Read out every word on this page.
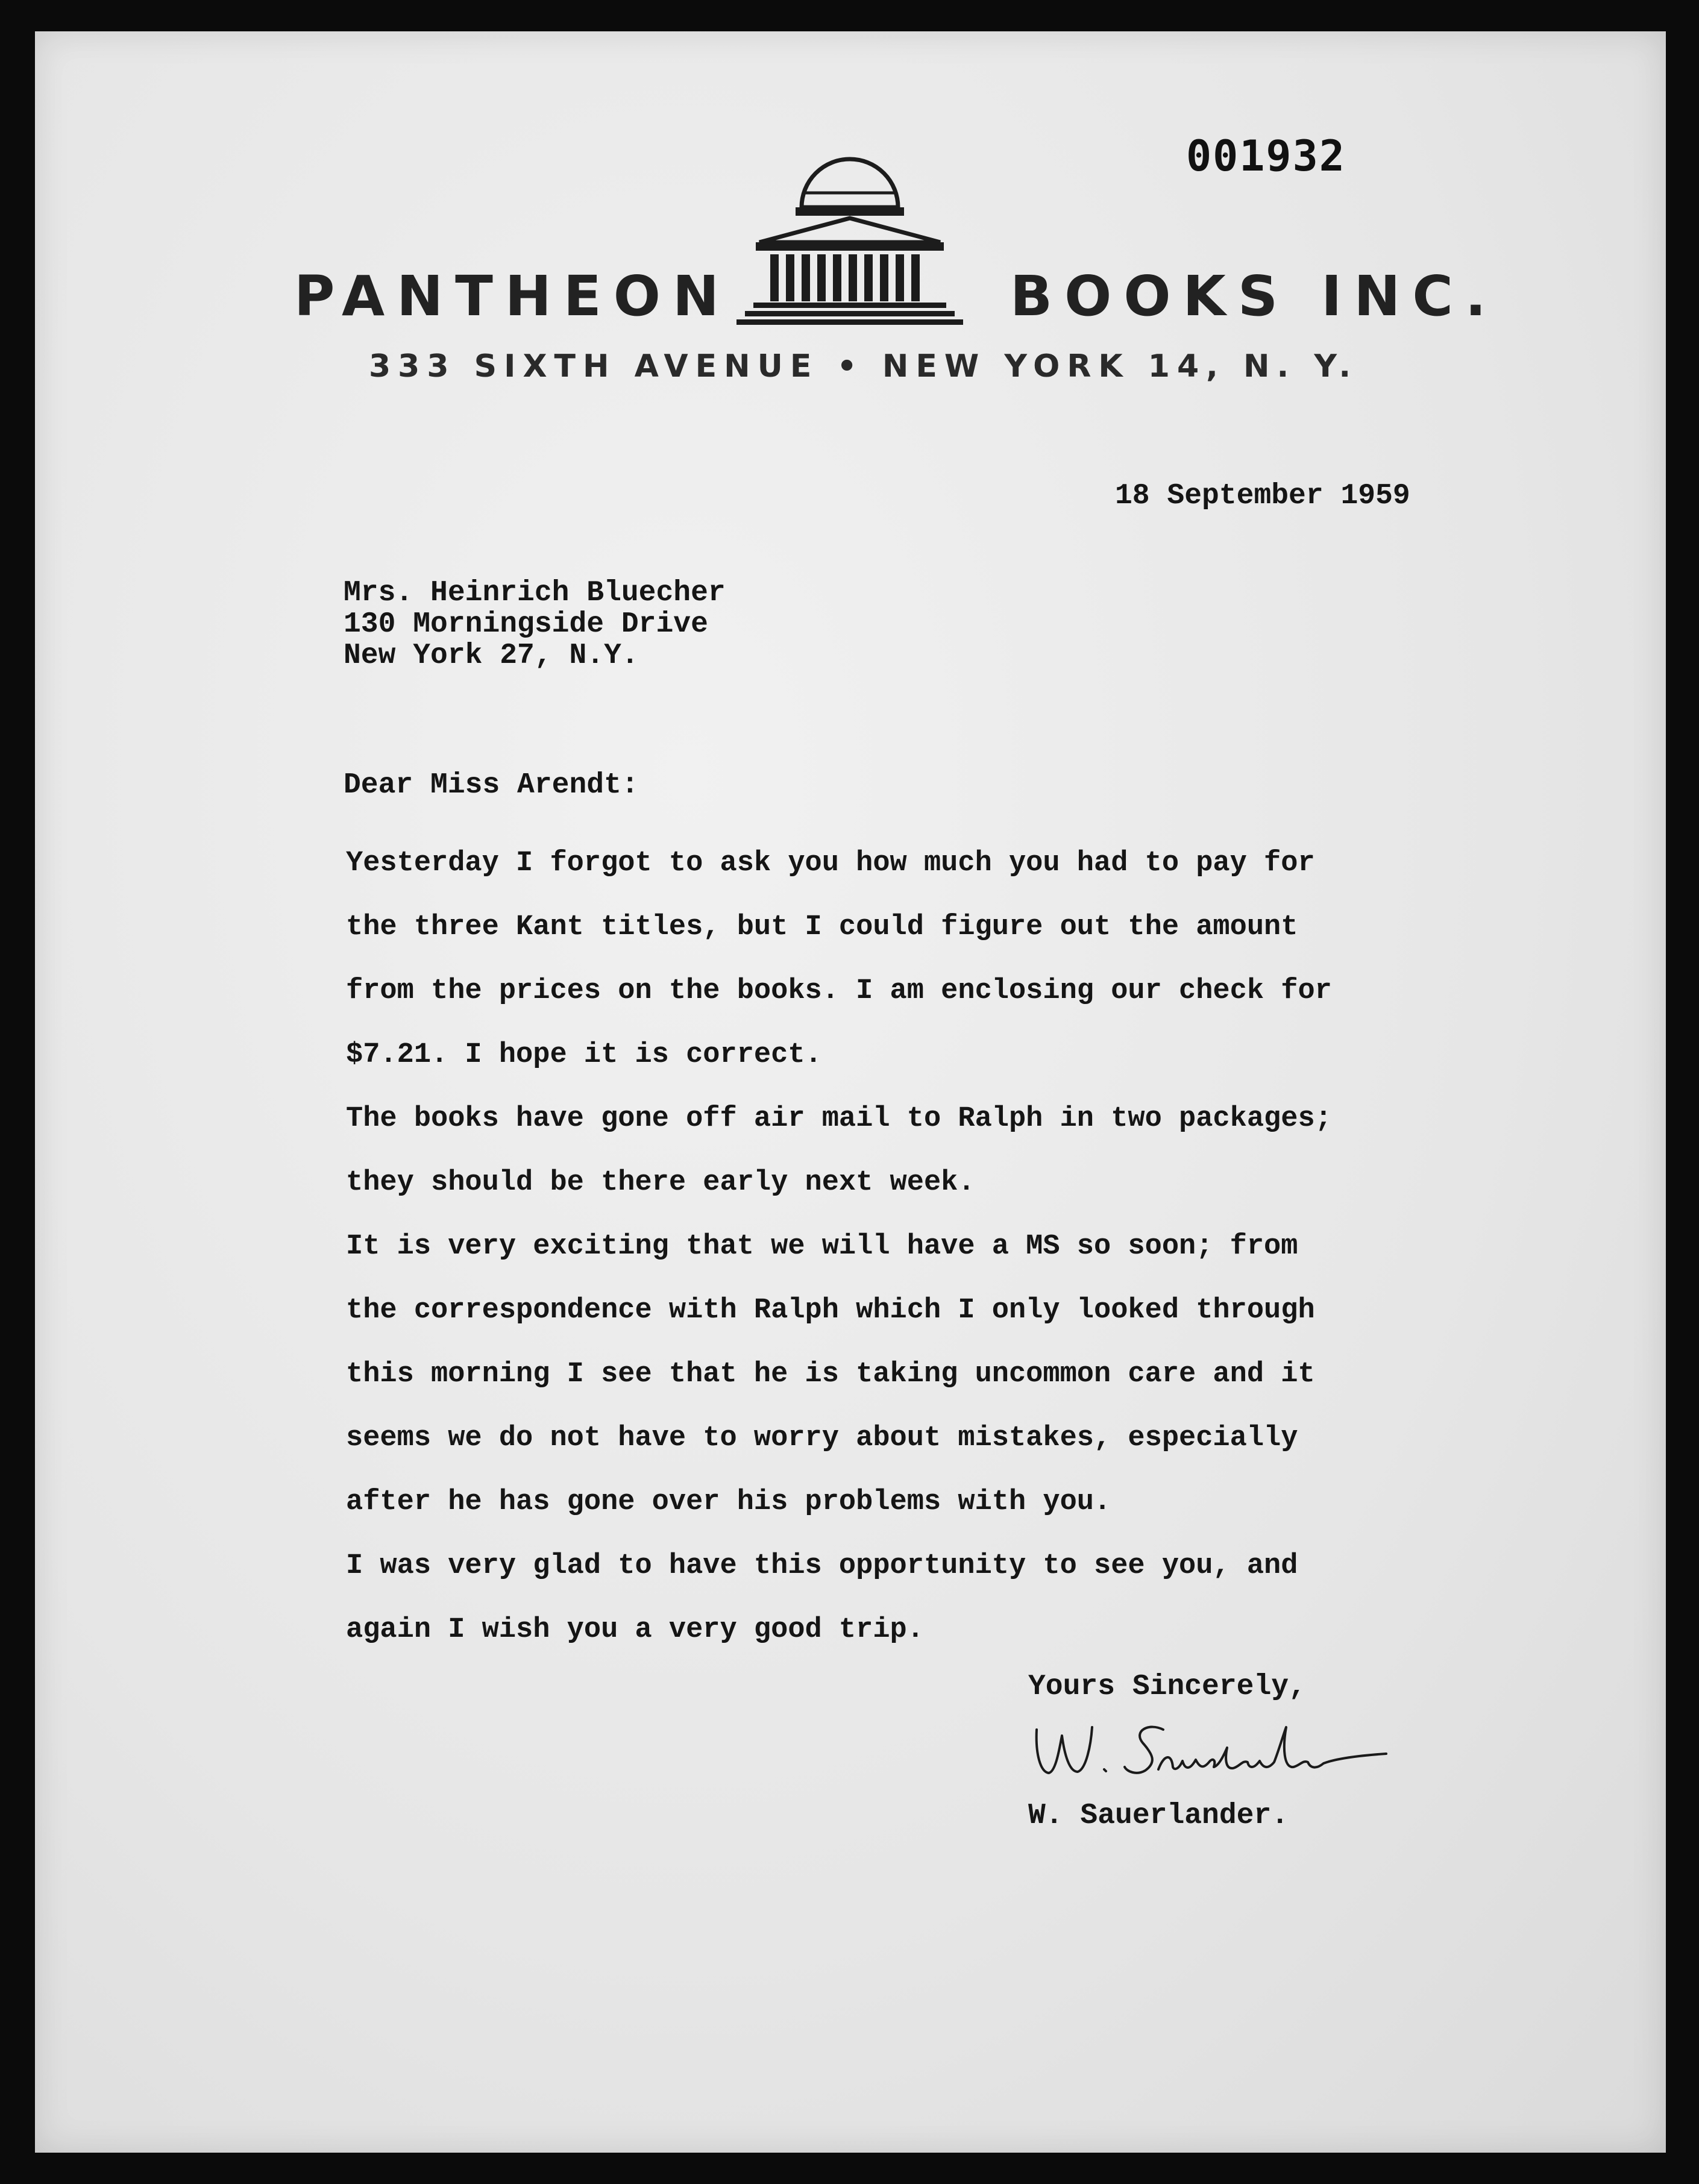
001932
PANTHEON	BOOKS INC.
333 SIXTH AVENUE • NEW YORK 14, N. Y.
18 September 1959
Mrs. Heinrich Bluecher
130 Morningside Drive
New York 27, N.Y.
Dear Miss Arendt:
Yesterday I forgot to ask you how much you had to pay for
the three Kant titles, but I could figure out the amount
from the prices on the books. I am enclosing our check for
$7.21. I hope it is correct.
The books have gone off air mail to Ralph in two packages;
they should be there early next week.
It is very exciting that we will have a MS so soon; from
the correspondence with Ralph which I only looked through
this morning I see that he is taking uncommon care and it
seems we do not have to worry about mistakes, especially
after he has gone over his problems with you.
I was very glad to have this opportunity to see you, and
again I wish you a very good trip.
Yours Sincerely,
W. Sauerlander.
